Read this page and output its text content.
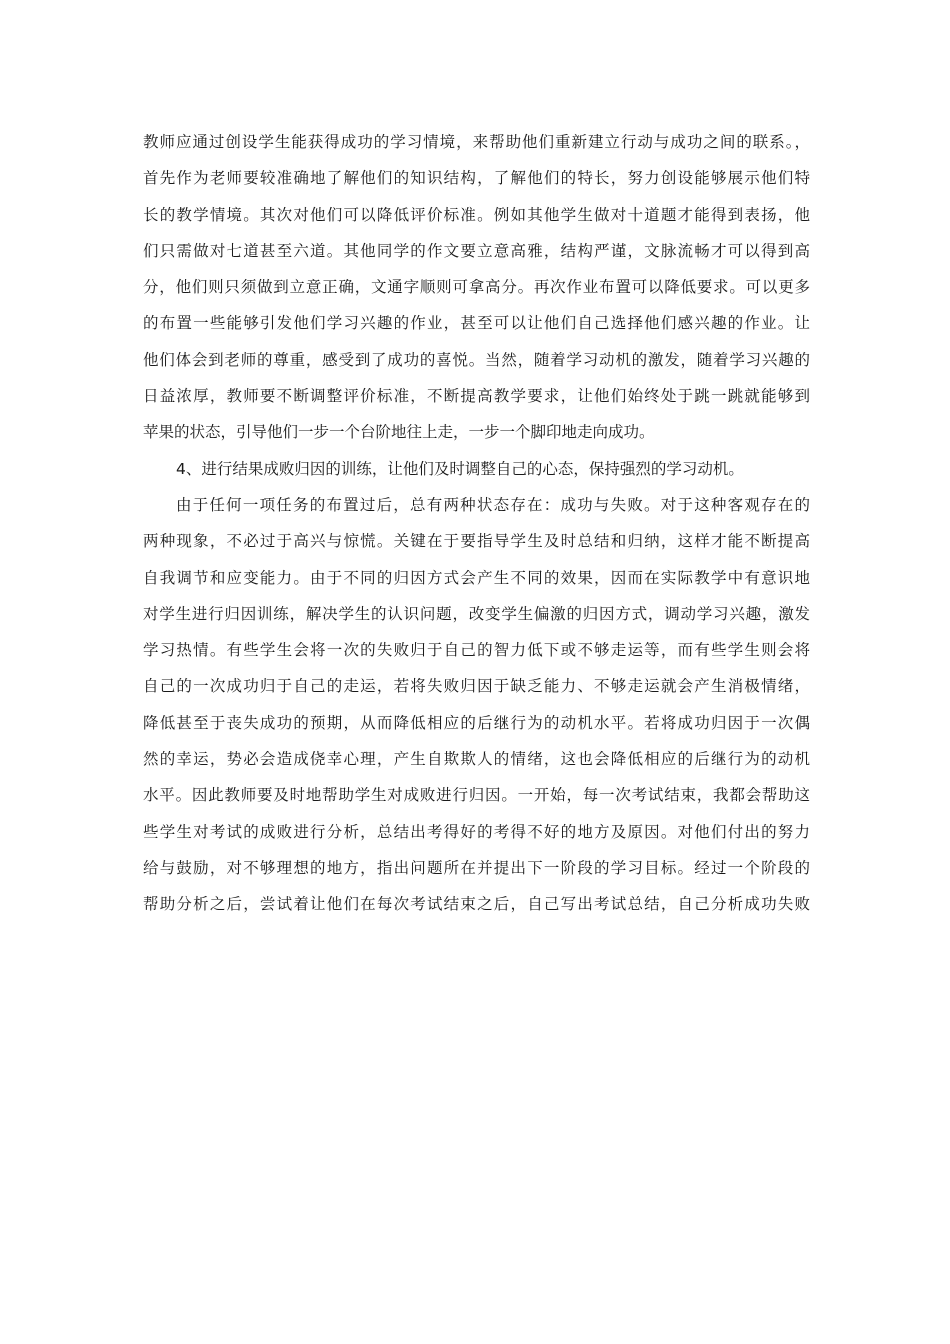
教师应通过创设学生能获得成功的学习情境，来帮助他们重新建立行动与成功之间的联系。，
首先作为老师要较准确地了解他们的知识结构，了解他们的特长，努力创设能够展示他们特
长的教学情境。其次对他们可以降低评价标准。例如其他学生做对十道题才能得到表扬，他
们只需做对七道甚至六道。其他同学的作文要立意高雅，结构严谨，文脉流畅才可以得到高
分，他们则只须做到立意正确，文通字顺则可拿高分。再次作业布置可以降低要求。可以更多
的布置一些能够引发他们学习兴趣的作业，甚至可以让他们自己选择他们感兴趣的作业。让
他们体会到老师的尊重，感受到了成功的喜悦。当然，随着学习动机的激发，随着学习兴趣的
日益浓厚，教师要不断调整评价标准，不断提高教学要求，让他们始终处于跳一跳就能够到
苹果的状态，引导他们一步一个台阶地往上走，一步一个脚印地走向成功。
4、进行结果成败归因的训练，让他们及时调整自己的心态，保持强烈的学习动机。
由于任何一项任务的布置过后，总有两种状态存在：成功与失败。对于这种客观存在的
两种现象，不必过于高兴与惊慌。关键在于要指导学生及时总结和归纳，这样才能不断提高
自我调节和应变能力。由于不同的归因方式会产生不同的效果，因而在实际教学中有意识地
对学生进行归因训练，解决学生的认识问题，改变学生偏激的归因方式，调动学习兴趣，激发
学习热情。有些学生会将一次的失败归于自己的智力低下或不够走运等，而有些学生则会将
自己的一次成功归于自己的走运，若将失败归因于缺乏能力、不够走运就会产生消极情绪，
降低甚至于丧失成功的预期，从而降低相应的后继行为的动机水平。若将成功归因于一次偶
然的幸运，势必会造成侥幸心理，产生自欺欺人的情绪，这也会降低相应的后继行为的动机
水平。因此教师要及时地帮助学生对成败进行归因。一开始，每一次考试结束，我都会帮助这
些学生对考试的成败进行分析，总结出考得好的考得不好的地方及原因。对他们付出的努力
给与鼓励，对不够理想的地方，指出问题所在并提出下一阶段的学习目标。经过一个阶段的
帮助分析之后，尝试着让他们在每次考试结束之后，自己写出考试总结，自己分析成功失败
